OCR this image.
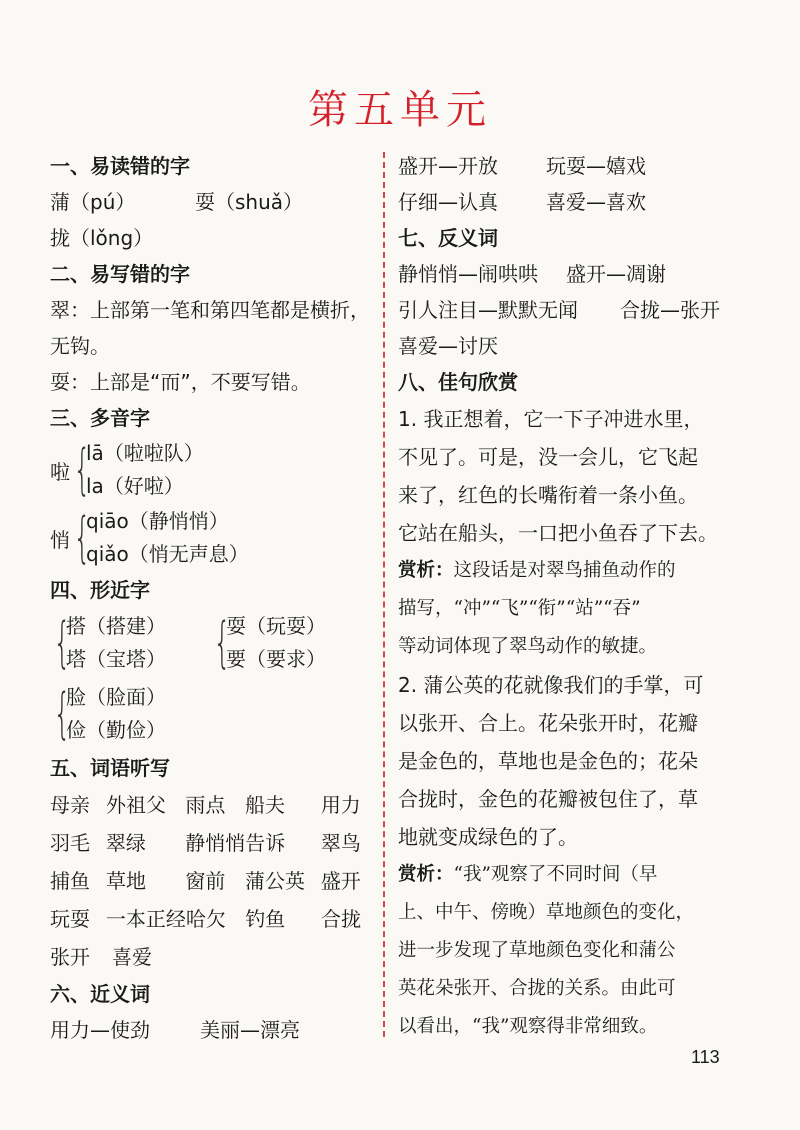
第五单元
一、易读错的字
蒲（pú）	耍（shuǎ）
拢（lǒng）
二、易写错的字
翠：上部第一笔和第四笔都是横折，
无钩。
耍：上部是“而”，不要写错。
三、多音字
啦 {
lā（啦啦队）
la（好啦）
悄 {
qiāo（静悄悄）
qiǎo（悄无声息）
四、形近字
{
搭（搭建）
塔（宝塔） {
耍（玩耍）
要（要求）
{
脸（脸面）
俭（勤俭）
五、词语听写
母亲 外祖父 雨点 船夫	用力
羽毛 翠绿	静悄悄 告诉	翠鸟
捕鱼 草地	窗前 蒲公英 盛开
玩耍 一本正经 哈欠 钓鱼	合拢
张开	喜爱
六、近义词
用力—使劲	美丽—漂亮
盛开—开放	玩耍—嬉戏
仔细—认真	喜爱—喜欢
七、反义词
静悄悄—闹哄哄	盛开—凋谢
引人注目—默默无闻	合拢—张开
喜爱—讨厌
八、佳句欣赏
1. 我正想着，它一下子冲进水里，
不见了。可是，没一会儿，它飞起
来了，红色的长嘴衔着一条小鱼。
它站在船头，一口把小鱼吞了下去。
赏析：这段话是对翠鸟捕鱼动作的
描写，“冲”“飞”“衔”“站”“吞”
等动词体现了翠鸟动作的敏捷。
2. 蒲公英的花就像我们的手掌，可
以张开、合上。花朵张开时，花瓣
是金色的，草地也是金色的；花朵
合拢时，金色的花瓣被包住了，草
地就变成绿色的了。
赏析：“我”观察了不同时间（早
上、中午、傍晚）草地颜色的变化，
进一步发现了草地颜色变化和蒲公
英花朵张开、合拢的关系。由此可
以看出，“我”观察得非常细致。
113
